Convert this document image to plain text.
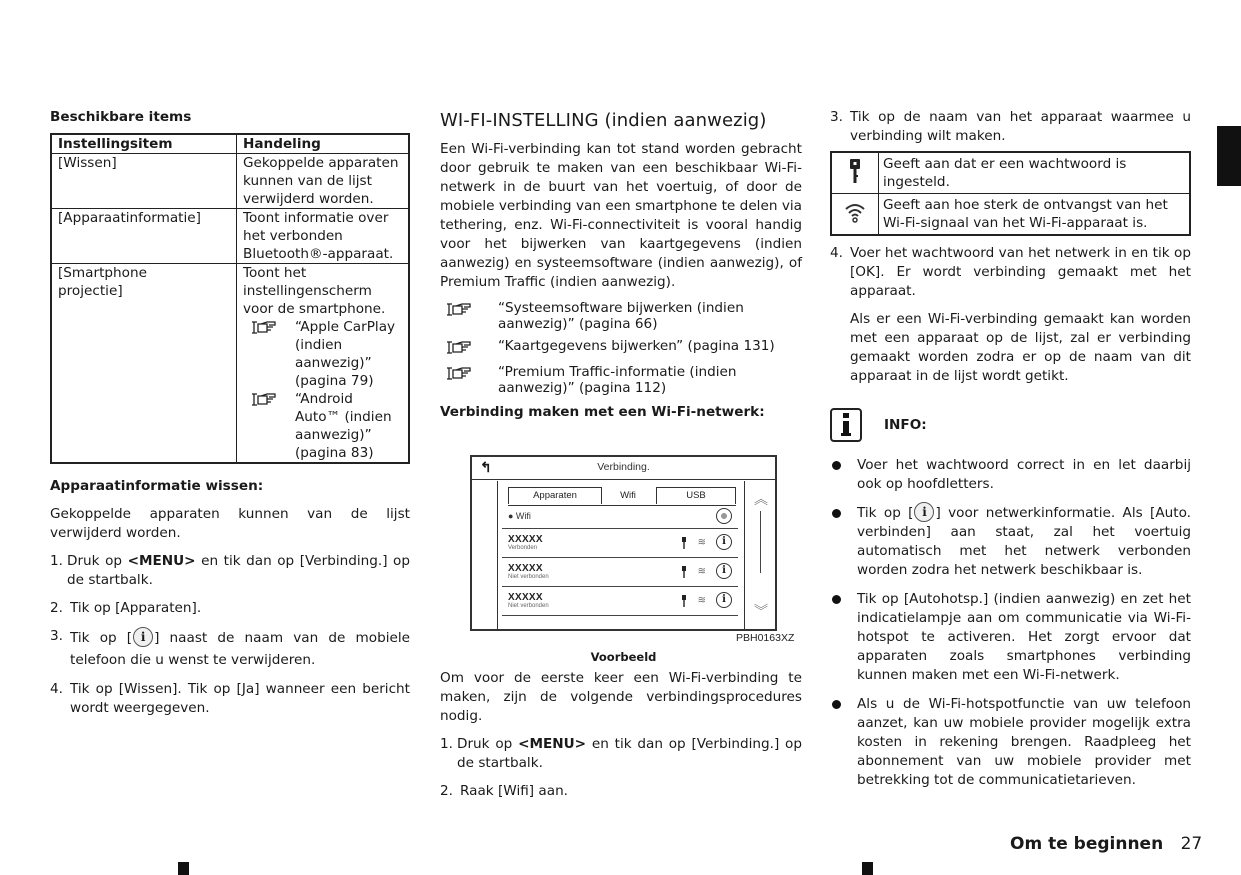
Beschikbare items
Instellingsitem	Handeling
[Wissen]	Gekoppelde apparaten kunnen van de lijst verwijderd worden.
[Apparaatinformatie]	Toont informatie over het verbonden Bluetooth®-apparaat.
[Smartphone projectie]	Toont het instellingenscherm voor de smartphone.
“Apple CarPlay (indien aanwezig)” (pagina 79)
“Android Auto™ (indien aanwezig)” (pagina 83)
Apparaatinformatie wissen:

Gekoppelde apparaten kunnen van de lijst verwijderd worden.

1. Druk op <MENU> en tik dan op [Verbinding.] op de startbalk.
2. Tik op [Apparaten].
3. Tik op [ i ] naast de naam van de mobiele telefoon die u wenst te verwijderen.
4. Tik op [Wissen]. Tik op [Ja] wanneer een bericht wordt weergegeven.
WI-FI-INSTELLING (indien aanwezig)

Een Wi-Fi-verbinding kan tot stand worden gebracht door gebruik te maken van een beschikbaar Wi-Fi-netwerk in de buurt van het voertuig, of door de mobiele verbinding van een smartphone te delen via tethering, enz. Wi-Fi-connectiviteit is vooral handig voor het bijwerken van kaartgegevens (indien aanwezig) en systeemsoftware (indien aanwezig), of Premium Traffic (indien aanwezig).

“Systeemsoftware bijwerken (indien aanwezig)” (pagina 66)
“Kaartgegevens bijwerken” (pagina 131)
“Premium Traffic-informatie (indien aanwezig)” (pagina 112)
Verbinding maken met een Wi-Fi-netwerk:

Om voor de eerste keer een Wi-Fi-verbinding te maken, zijn de volgende verbindingsprocedures nodig.

1. Druk op <MENU> en tik dan op [Verbinding.] op de startbalk.
2. Raak [Wifi] aan.
↰	Verbinding.
Apparaten	Wifi	USB
● Wifi
XXXXX
Verbonden	≋	i
XXXXX
Niet verbonden	≋	i
XXXXX
Niet verbonden	≋	i
︽
︾
PBH0163XZ
Voorbeeld
3. Tik op de naam van het apparaat waarmee u verbinding wilt maken.
	Geeft aan dat er een wachtwoord is ingesteld.
	Geeft aan hoe sterk de ontvangst van het Wi-Fi-signaal van het Wi-Fi-apparaat is.
4. Voer het wachtwoord van het netwerk in en tik op [OK]. Er wordt verbinding gemaakt met het apparaat.

Als er een Wi-Fi-verbinding gemaakt kan worden met een apparaat op de lijst, zal er verbinding gemaakt worden zodra er op de naam van dit apparaat in de lijst wordt getikt.

INFO:
Voer het wachtwoord correct in en let daarbij ook op hoofdletters.
Tik op [ i ] voor netwerkinformatie. Als [Auto. verbinden] aan staat, zal het voertuig automatisch met het netwerk verbonden worden zodra het netwerk beschikbaar is.
Tik op [Autohotsp.] (indien aanwezig) en zet het indicatielampje aan om communicatie via Wi-Fi-hotspot te activeren. Het zorgt ervoor dat apparaten zoals smartphones verbinding kunnen maken met een Wi-Fi-netwerk.
Als u de Wi-Fi-hotspotfunctie van uw telefoon aanzet, kan uw mobiele provider mogelijk extra kosten in rekening brengen. Raadpleeg het abonnement van uw mobiele provider met betrekking tot de communicatietarieven.
Om te beginnen 27
